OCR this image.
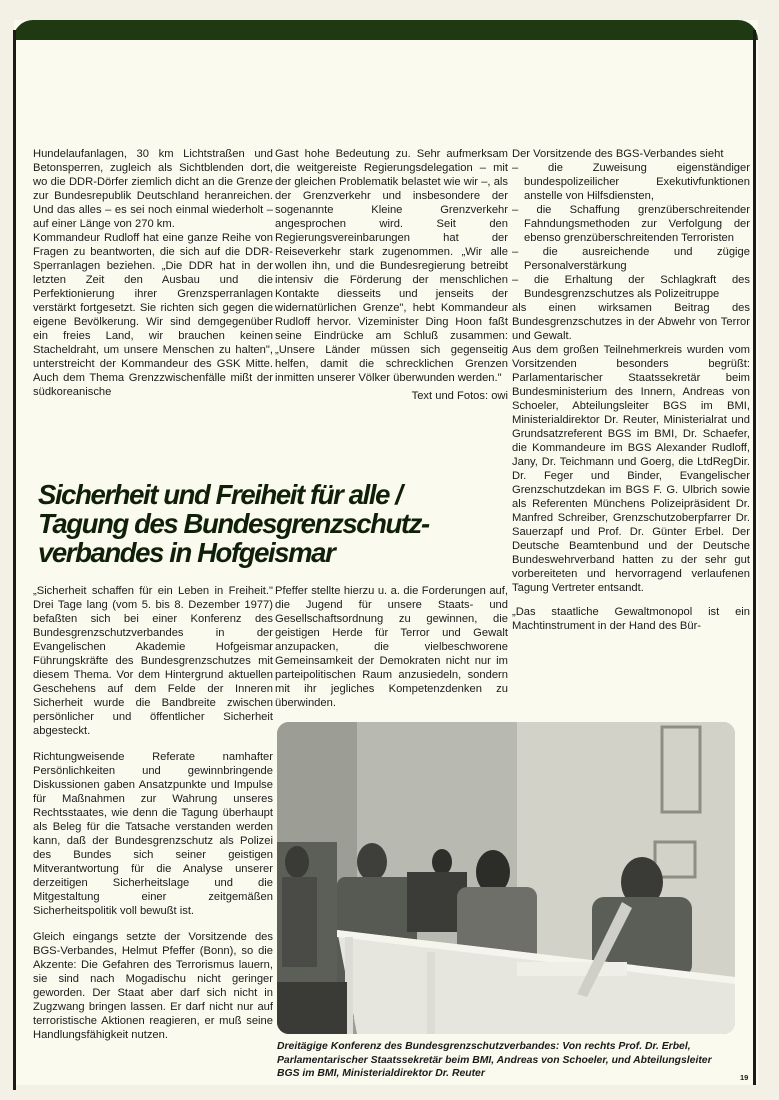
Hundelaufanlagen, 30 km Lichtstraßen und Betonsperren, zugleich als Sichtblenden dort, wo die DDR-Dörfer ziemlich dicht an die Grenze zur Bundesrepublik Deutschland heranreichen. Und das alles – es sei noch einmal wiederholt – auf einer Länge von 270 km.

Kommandeur Rudloff hat eine ganze Reihe von Fragen zu beantworten, die sich auf die DDR-Sperranlagen beziehen. „Die DDR hat in der letzten Zeit den Ausbau und die Perfektionierung ihrer Grenzsperranlagen verstärkt fortgesetzt. Sie richten sich gegen die eigene Bevölkerung. Wir sind demgegenüber ein freies Land, wir brauchen keinen Stacheldraht, um unsere Menschen zu halten", unterstreicht der Kommandeur des GSK Mitte. Auch dem Thema Grenzzwischenfälle mißt der südkoreanische

Gast hohe Bedeutung zu. Sehr aufmerksam die weitgereiste Regierungsdelegation – mit der gleichen Problematik belastet wie wir –, als der Grenzverkehr und insbesondere der sogenannte Kleine Grenzverkehr angesprochen wird. Seit den Regierungsvereinbarungen hat der Reiseverkehr stark zugenommen. „Wir alle wollen ihn, und die Bundesregierung betreibt intensiv die Förderung der menschlichen Kontakte diesseits und jenseits der widernatürlichen Grenze", hebt Kommandeur Rudloff hervor. Vizeminister Ding Hoon faßt seine Eindrücke am Schluß zusammen: „Unsere Länder müssen sich gegenseitig helfen, damit die schrecklichen Grenzen inmitten unserer Völker überwunden werden."

Text und Fotos: owi

Der Vorsitzende des BGS-Verbandes sieht

– die Zuweisung eigenständiger bundespolizeilicher Exekutivfunktionen anstelle von Hilfsdiensten,
– die Schaffung grenzüberschreitender Fahndungsmethoden zur Verfolgung der ebenso grenzüberschreitenden Terroristen
– die ausreichende und zügige Personalverstärkung
– die Erhaltung der Schlagkraft des Bundesgrenzschutzes als Polizeitruppe

als einen wirksamen Beitrag des Bundesgrenzschutzes in der Abwehr von Terror und Gewalt.

Aus dem großen Teilnehmerkreis wurden vom Vorsitzenden besonders begrüßt: Parlamentarischer Staatssekretär beim Bundesministerium des Innern, Andreas von Schoeler, Abteilungsleiter BGS im BMI, Ministerialdirektor Dr. Reuter, Ministerialrat und Grundsatzreferent BGS im BMI, Dr. Schaefer, die Kommandeure im BGS Alexander Rudloff, Jany, Dr. Teichmann und Goerg, die LtdRegDir. Dr. Feger und Binder, Evangelischer Grenzschutzdekan im BGS F. G. Ulbrich sowie als Referenten Münchens Polizeipräsident Dr. Manfred Schreiber, Grenzschutzoberpfarrer Dr. Sauerzapf und Prof. Dr. Günter Erbel. Der Deutsche Beamtenbund und der Deutsche Bundeswehrverband hatten zu der sehr gut vorbereiteten und hervorragend verlaufenen Tagung Vertreter entsandt.

„Das staatliche Gewaltmonopol ist ein Machtinstrument in der Hand des Bür-

Sicherheit und Freiheit für alle /
Tagung des Bundesgrenzschutz-
verbandes in Hofgeismar

„Sicherheit schaffen für ein Leben in Freiheit." Drei Tage lang (vom 5. bis 8. Dezember 1977) befaßten sich bei einer Konferenz des Bundesgrenzschutzverbandes in der Evangelischen Akademie Hofgeismar Führungskräfte des Bundesgrenzschutzes mit diesem Thema. Vor dem Hintergrund aktuellen Geschehens auf dem Felde der Inneren Sicherheit wurde die Bandbreite zwischen persönlicher und öffentlicher Sicherheit abgesteckt.

Richtungweisende Referate namhafter Persönlichkeiten und gewinnbringende Diskussionen gaben Ansatzpunkte und Impulse für Maßnahmen zur Wahrung unseres Rechtsstaates, wie denn die Tagung überhaupt als Beleg für die Tatsache verstanden werden kann, daß der Bundesgrenzschutz als Polizei des Bundes sich seiner geistigen Mitverantwortung für die Analyse unserer derzeitigen Sicherheitslage und die Mitgestaltung einer zeitgemäßen Sicherheitspolitik voll bewußt ist.

Gleich eingangs setzte der Vorsitzende des BGS-Verbandes, Helmut Pfeffer (Bonn), so die Akzente: Die Gefahren des Terrorismus lauern, sie sind nach Mogadischu nicht geringer geworden. Der Staat aber darf sich nicht in Zugzwang bringen lassen. Er darf nicht nur auf terroristische Aktionen reagieren, er muß seine Handlungsfähigkeit nutzen.

Pfeffer stellte hierzu u. a. die Forderungen auf, die Jugend für unsere Staats- und Gesellschaftsordnung zu gewinnen, die geistigen Herde für Terror und Gewalt anzupacken, die vielbeschworene Gemeinsamkeit der Demokraten nicht nur im parteipolitischen Raum anzusiedeln, sondern mit ihr jegliches Kompetenzdenken zu überwinden.

Dreitägige Konferenz des Bundesgrenzschutzverbandes: Von rechts Prof. Dr. Erbel, Parlamentarischer Staatssekretär beim BMI, Andreas von Schoeler, und Abteilungsleiter BGS im BMI, Ministerialdirektor Dr. Reuter	19
